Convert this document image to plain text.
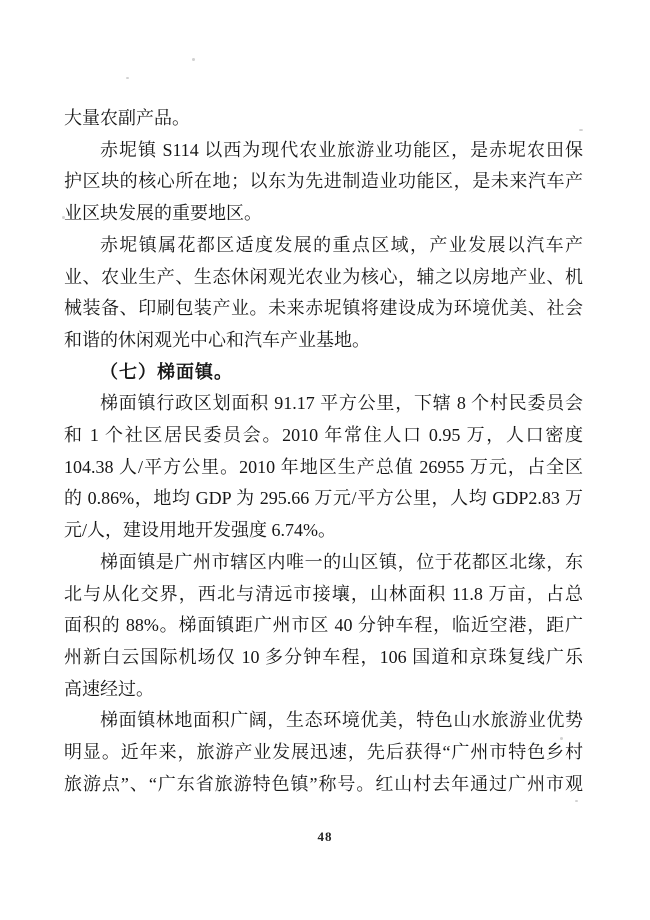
大量农副产品。
赤坭镇 S114 以西为现代农业旅游业功能区，是赤坭农田保
护区块的核心所在地；以东为先进制造业功能区，是未来汽车产
业区块发展的重要地区。
赤坭镇属花都区适度发展的重点区域，产业发展以汽车产
业、农业生产、生态休闲观光农业为核心，辅之以房地产业、机
械装备、印刷包装产业。未来赤坭镇将建设成为环境优美、社会
和谐的休闲观光中心和汽车产业基地。
（七）梯面镇。
梯面镇行政区划面积 91.17 平方公里，下辖 8 个村民委员会
和 1 个社区居民委员会。2010 年常住人口 0.95 万，人口密度
104.38 人/平方公里。2010 年地区生产总值 26955 万元，占全区
的 0.86%，地均 GDP 为 295.66 万元/平方公里，人均 GDP2.83 万
元/人，建设用地开发强度 6.74%。
梯面镇是广州市辖区内唯一的山区镇，位于花都区北缘，东
北与从化交界，西北与清远市接壤，山林面积 11.8 万亩，占总
面积的 88%。梯面镇距广州市区 40 分钟车程，临近空港，距广
州新白云国际机场仅 10 多分钟车程，106 国道和京珠复线广乐
高速经过。
梯面镇林地面积广阔，生态环境优美，特色山水旅游业优势
明显。近年来，旅游产业发展迅速，先后获得“广州市特色乡村
旅游点”、“广东省旅游特色镇”称号。红山村去年通过广州市观
48
